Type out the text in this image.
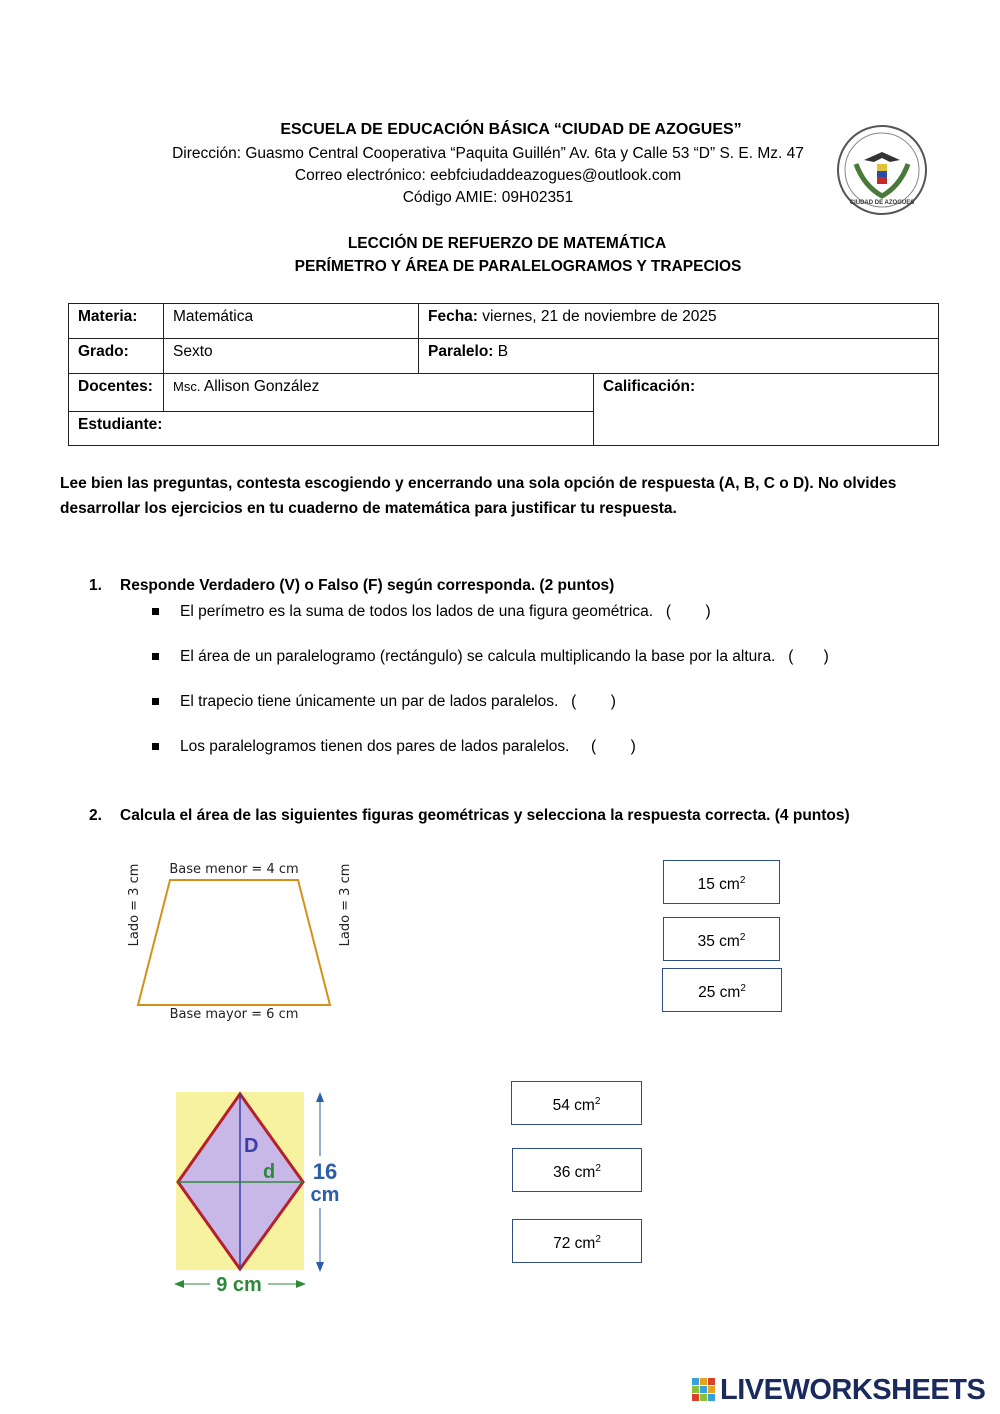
ESCUELA DE EDUCACIÓN BÁSICA “CIUDAD DE AZOGUES”
Dirección: Guasmo Central Cooperativa “Paquita Guillén” Av. 6ta y Calle 53 “D” S. E. Mz. 47
Correo electrónico: eebfciudaddeazogues@outlook.com
Código AMIE: 09H02351	CIUDAD DE AZOGUES
LECCIÓN DE REFUERZO DE MATEMÁTICA
PERÍMETRO Y ÁREA DE PARALELOGRAMOS Y TRAPECIOS
Materia:	Matemática	Fecha: viernes, 21 de noviembre de 2025
Grado:	Sexto	Paralelo: B
Docentes:	Msc. Allison González	Calificación:
Estudiante:
Lee bien las preguntas, contesta escogiendo y encerrando una sola opción de respuesta (A, B, C o D). No olvides desarrollar los ejercicios en tu cuaderno de matemática para justificar tu respuesta.
1. Responde Verdadero (V) o Falso (F) según corresponda. (2 puntos)
El perímetro es la suma de todos los lados de una figura geométrica.   (        )
El área de un paralelogramo (rectángulo) se calcula multiplicando la base por la altura.   (       )
El trapecio tiene únicamente un par de lados paralelos.   (        )
Los paralelogramos tienen dos pares de lados paralelos.     (        )
2. Calcula el área de las siguientes figuras geométricas y selecciona la respuesta correcta. (4 puntos)
Base menor = 4 cm
Base mayor = 6 cm
Lado = 3 cm	Lado = 3 cm	15 $cm^2$
35 $cm^2$
25 $cm^2$
D
d 16
cm
9 cm
54 $cm^2$
36 $cm^2$
72 $cm^2$
LIVEWORKSHEETS
